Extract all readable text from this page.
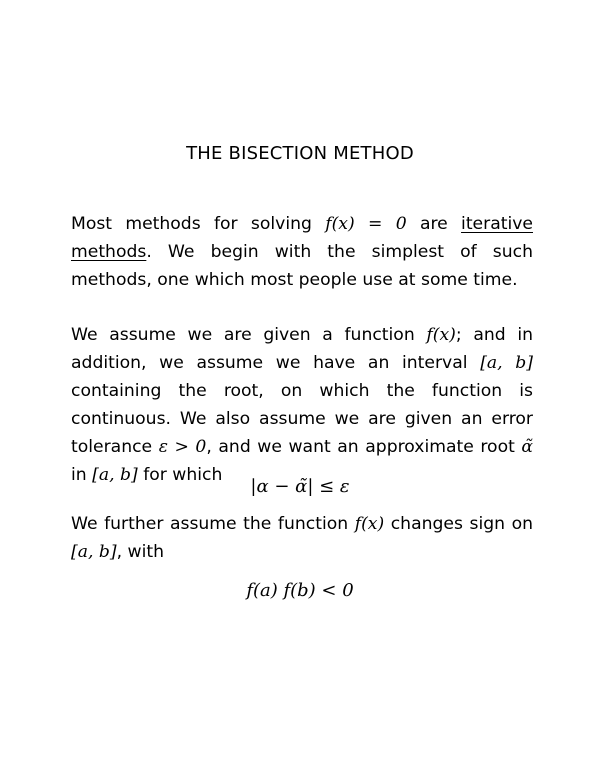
THE BISECTION METHOD
Most methods for solving f(x) = 0 are iterative methods. We begin with the simplest of such methods, one which most people use at some time.
We assume we are given a function f(x); and in addition, we assume we have an interval [a, b] containing the root, on which the function is continuous. We also assume we are given an error tolerance ε > 0, and we want an approximate root α̃ in [a, b] for which
|α − α̃| ≤ ε
We further assume the function f(x) changes sign on [a, b], with
f(a) f(b) < 0
